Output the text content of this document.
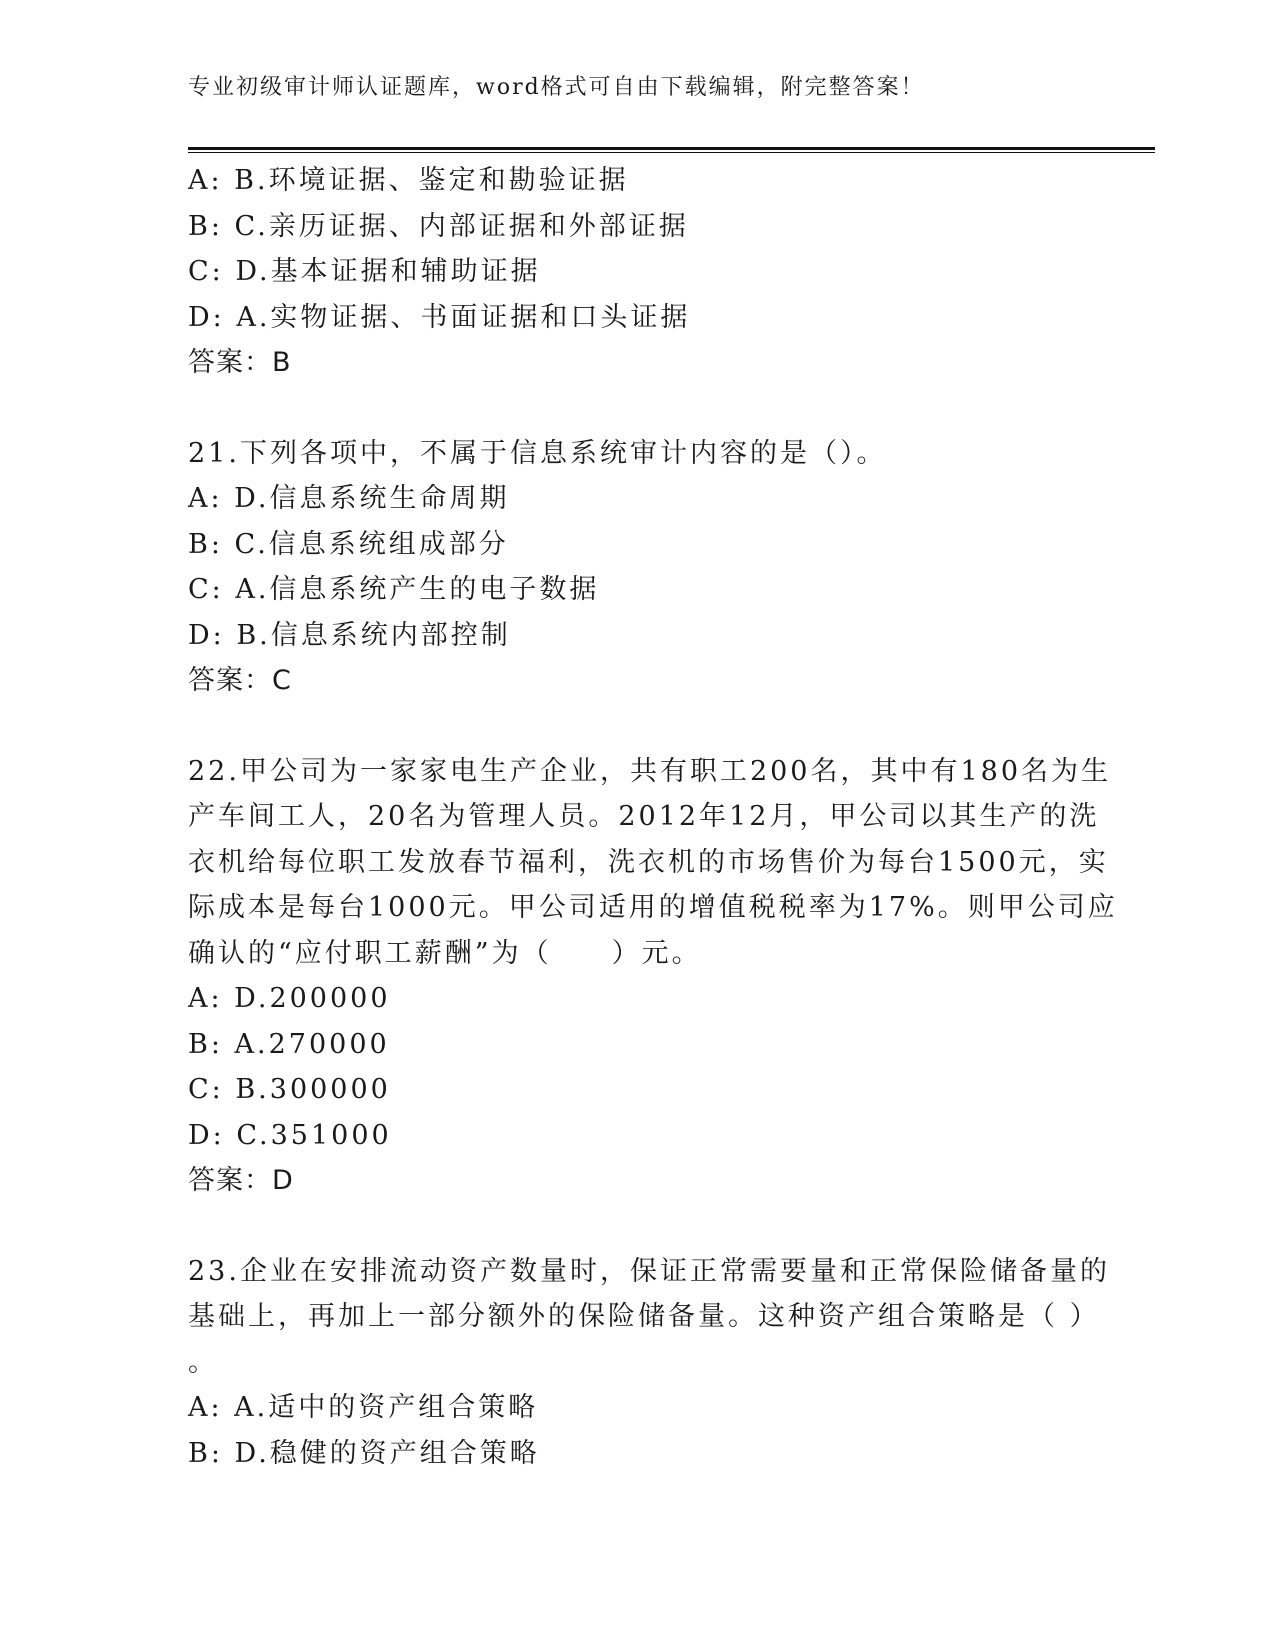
专业初级审计师认证题库，word格式可自由下载编辑，附完整答案！
A: B.环境证据、鉴定和勘验证据
B: C.亲历证据、内部证据和外部证据
C: D.基本证据和辅助证据
D: A.实物证据、书面证据和口头证据
答案：B
21.下列各项中，不属于信息系统审计内容的是（）。
A: D.信息系统生命周期
B: C.信息系统组成部分
C: A.信息系统产生的电子数据
D: B.信息系统内部控制
答案：C
22.甲公司为一家家电生产企业，共有职工200名，其中有180名为生
产车间工人，20名为管理人员。2012年12月，甲公司以其生产的洗
衣机给每位职工发放春节福利，洗衣机的市场售价为每台1500元，实
际成本是每台1000元。甲公司适用的增值税税率为17%。则甲公司应
确认的“应付职工薪酬”为（　　）元。
A: D.200000
B: A.270000
C: B.300000
D: C.351000
答案：D
23.企业在安排流动资产数量时，保证正常需要量和正常保险储备量的
基础上，再加上一部分额外的保险储备量。这种资产组合策略是（ ）
。
A: A.适中的资产组合策略
B: D.稳健的资产组合策略
